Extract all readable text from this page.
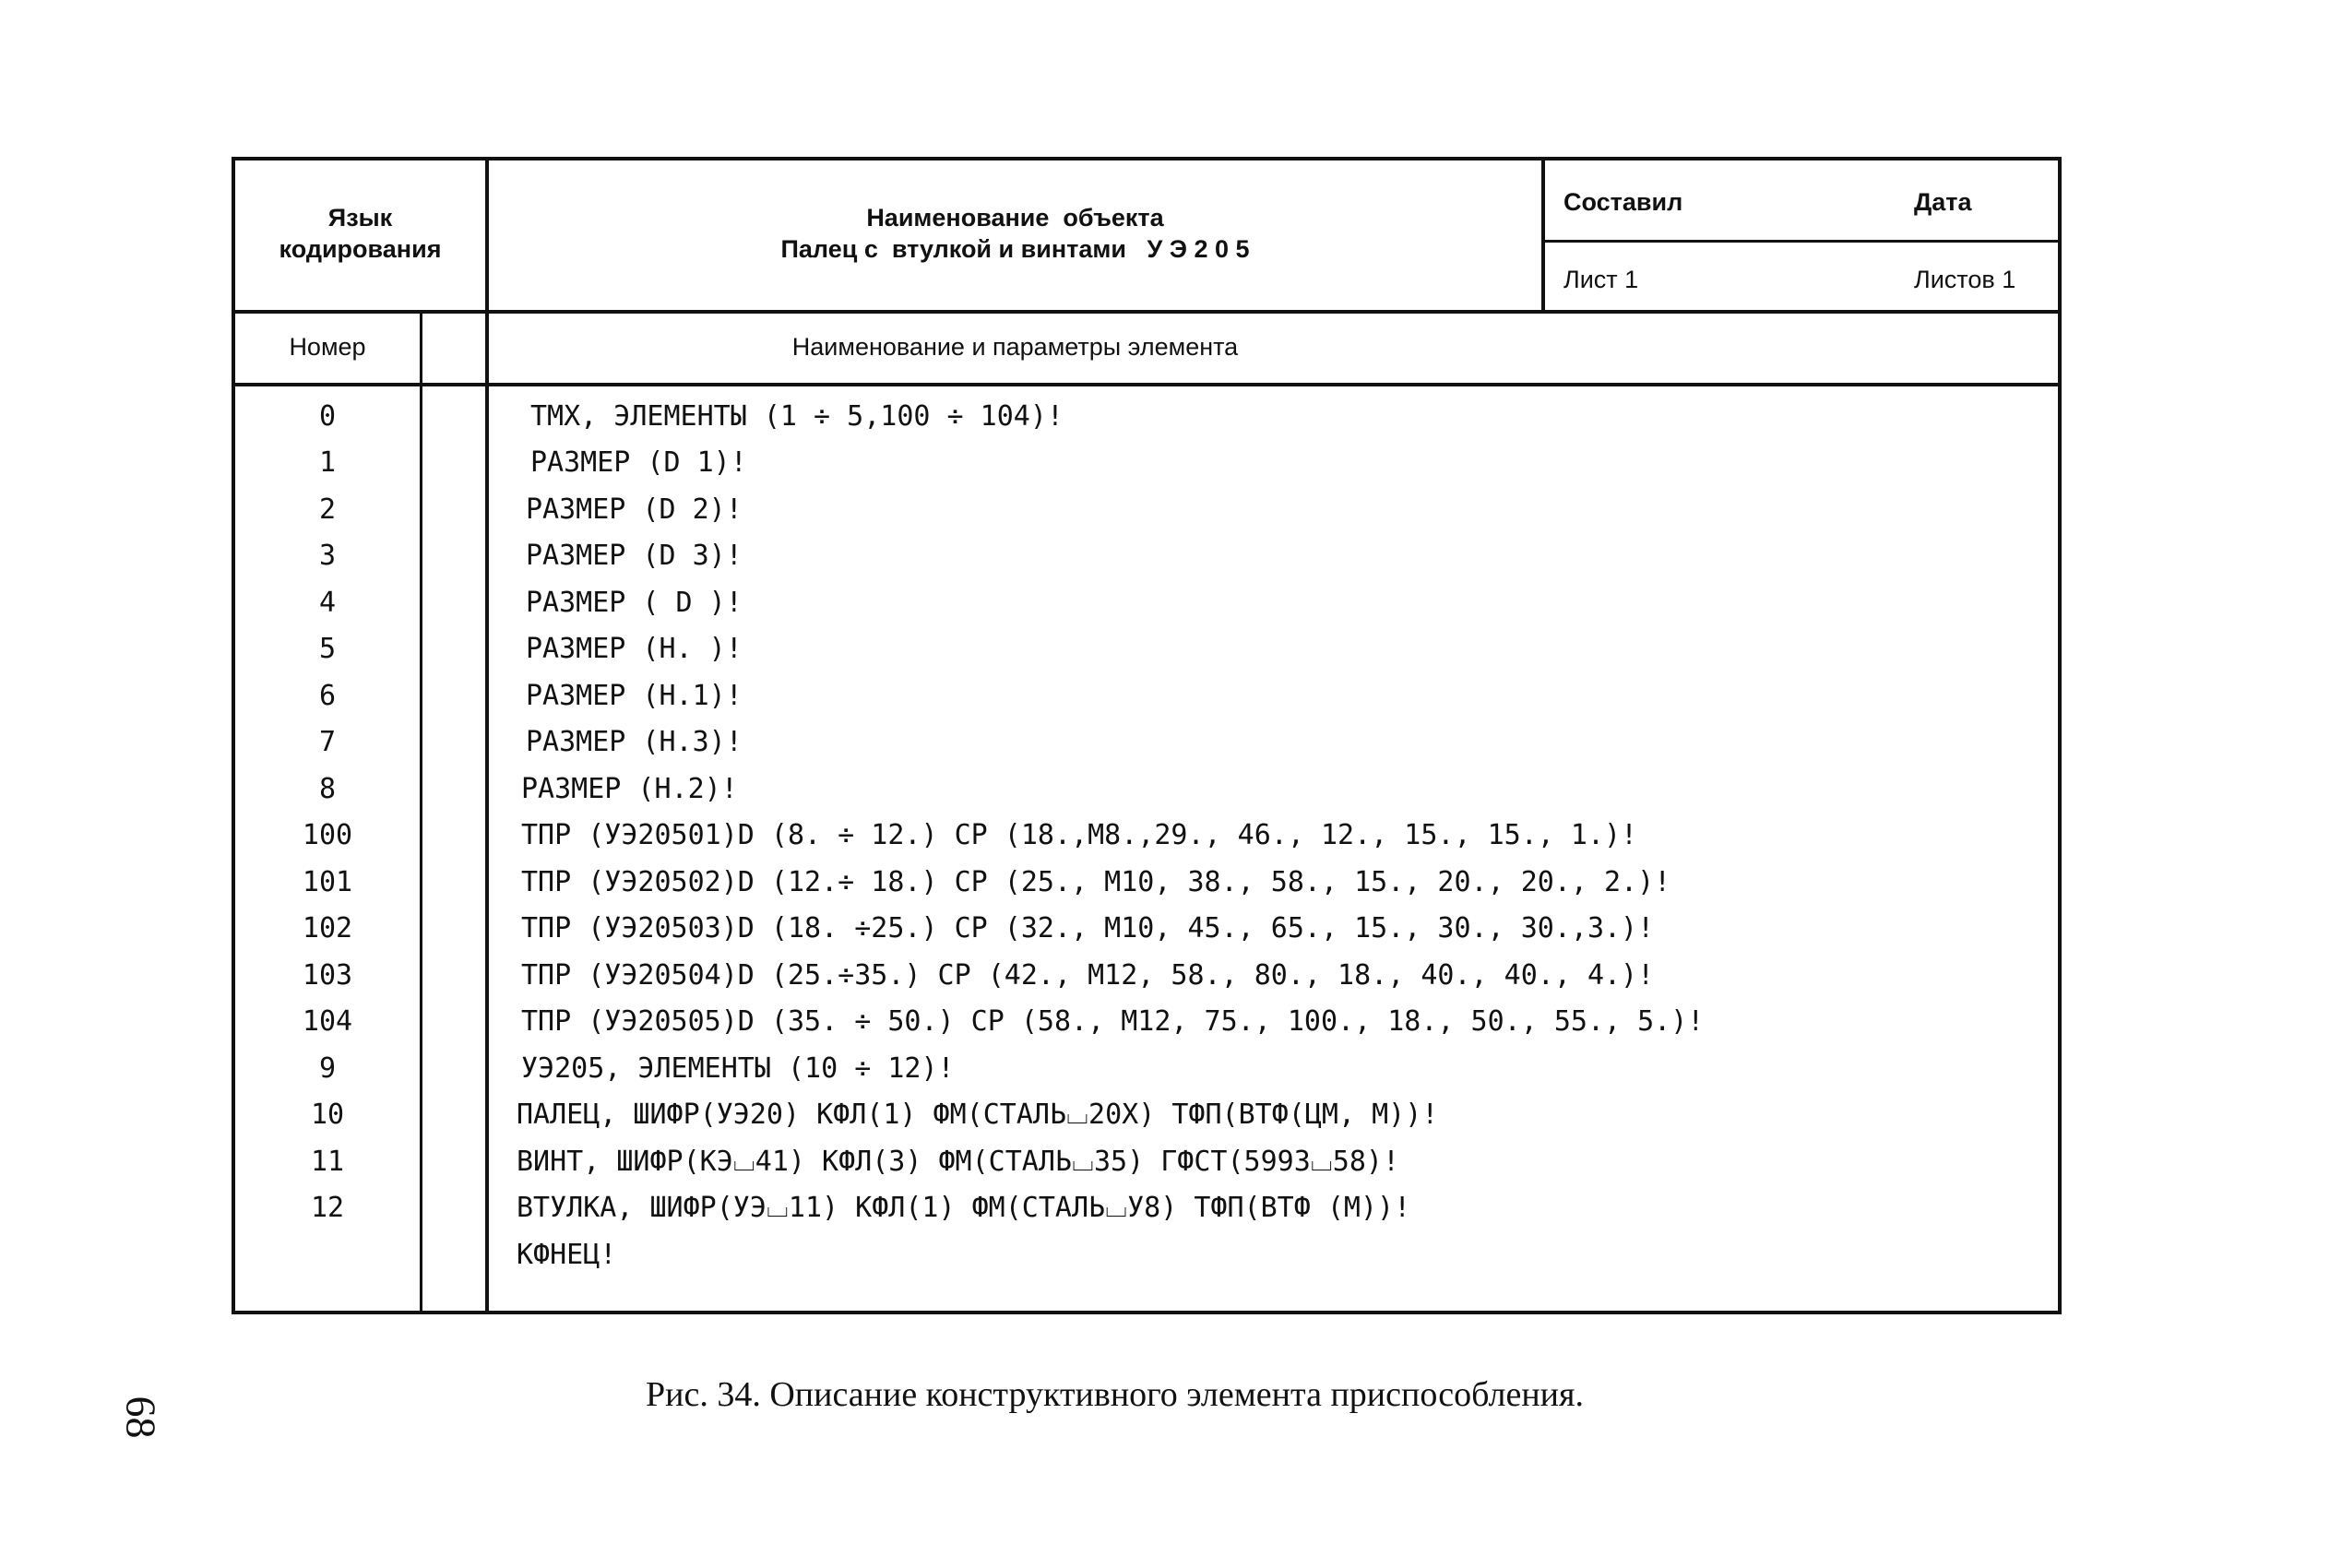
Язык
кодирования
Наименование  объекта
Палец с  втулкой и винтами   У Э 2 0 5
Составил	Дата
Лист 1	Листов 1
Номер	Наименование и параметры элемента
0	ТМХ, ЭЛЕМЕНТЫ (1 ÷ 5,100 ÷ 104)!
1	РАЗМЕР (D 1)!
2	РАЗМЕР (D 2)!
3	РАЗМЕР (D 3)!
4	РАЗМЕР ( D )!
5	РАЗМЕР (Н. )!
6	РАЗМЕР (Н.1)!
7	РАЗМЕР (Н.3)!
8	РАЗМЕР (Н.2)!
100	ТПР (УЭ20501)D (8. ÷ 12.) СР (18.,М8.,29., 46., 12., 15., 15., 1.)!
101	ТПР (УЭ20502)D (12.÷ 18.) СР (25., М10, 38., 58., 15., 20., 20., 2.)!
102	ТПР (УЭ20503)D (18. ÷25.) СР (32., М10, 45., 65., 15., 30., 30.,3.)!
103	ТПР (УЭ20504)D (25.÷35.) СР (42., М12, 58., 80., 18., 40., 40., 4.)!
104	ТПР (УЭ20505)D (35. ÷ 50.) СР (58., М12, 75., 100., 18., 50., 55., 5.)!
9	УЭ205, ЭЛЕМЕНТЫ (10 ÷ 12)!
10	ПАЛЕЦ, ШИФР(УЭ20) КФЛ(1) ФМ(СТАЛЬ⌴20Х) ТФП(ВТФ(ЦМ, М))!
11	ВИНТ, ШИФР(КЭ⌴41) КФЛ(3) ФМ(СТАЛЬ⌴35) ГФСТ(5993⌴58)!
12	ВТУЛКА, ШИФР(УЭ⌴11) КФЛ(1) ФМ(СТАЛЬ⌴У8) ТФП(ВТФ (М))!
КФНЕЦ!
Рис. 34. Описание конструктивного элемента приспособления.
68
